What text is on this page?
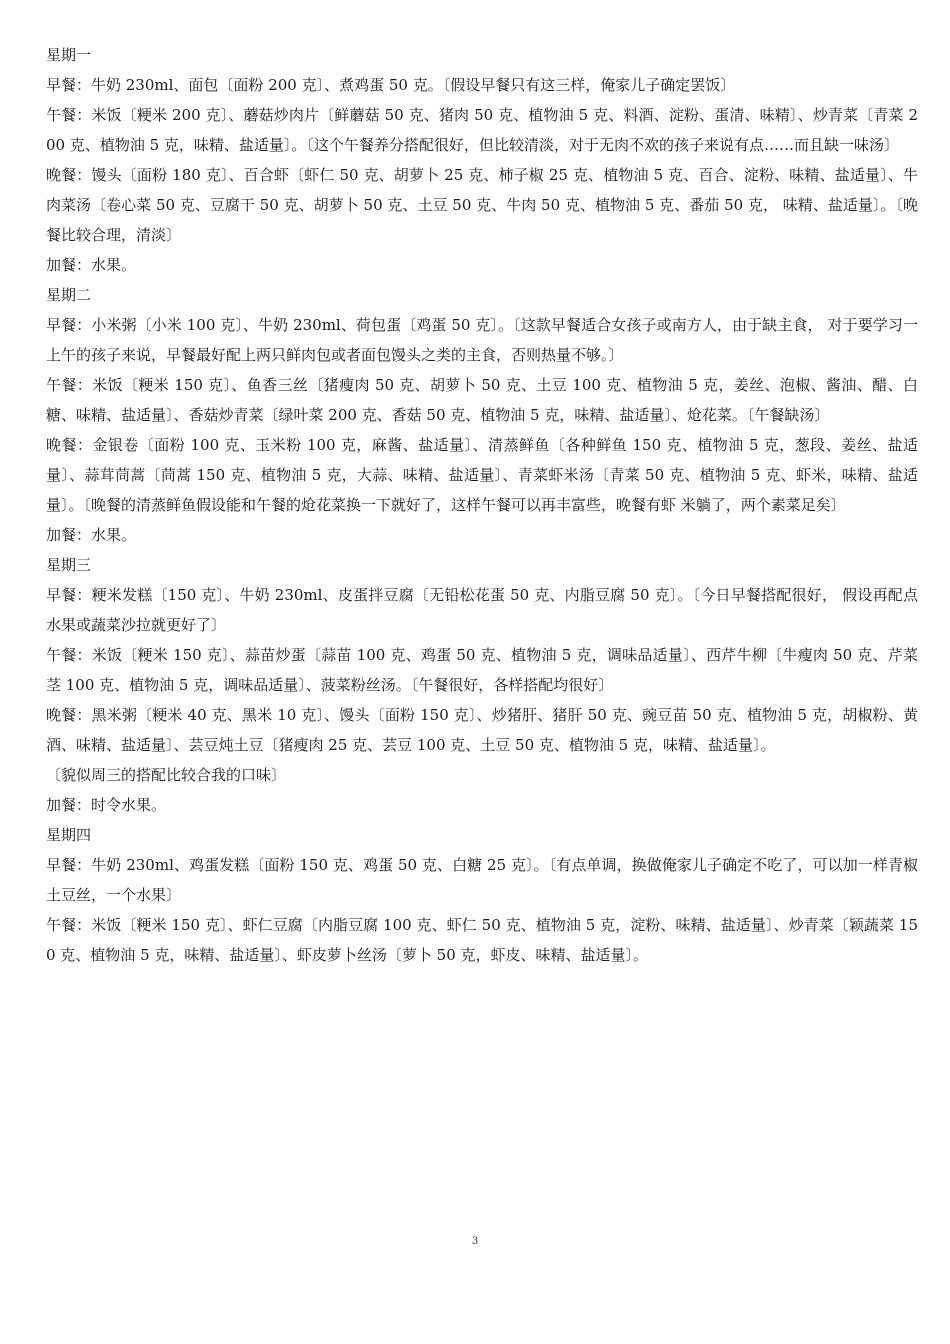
星期一

早餐：牛奶 230ml、面包〔面粉 200 克〕、煮鸡蛋 50 克。〔假设早餐只有这三样，俺家儿子确定罢饭〕

午餐：米饭〔粳米 200 克〕、蘑菇炒肉片〔鲜蘑菇 50 克、猪肉 50 克、植物油 5 克、料酒、淀粉、蛋清、味精〕、炒青菜〔青菜 200 克、植物油 5 克，味精、盐适量〕。〔这个午餐养分搭配很好，但比较清淡，对于无肉不欢的孩子来说有点……而且缺一味汤〕

晚餐：馒头〔面粉 180 克〕、百合虾〔虾仁 50 克、胡萝卜 25 克、柿子椒 25 克、植物油 5 克、百合、淀粉、味精、盐适量〕、牛肉菜汤〔卷心菜 50 克、豆腐干 50 克、胡萝卜 50 克、土豆 50 克、牛肉 50 克、植物油 5 克、番茄 50 克， 味精、盐适量〕。〔晚餐比较合理，清淡〕

加餐：水果。

星期二

早餐：小米粥〔小米 100 克〕、牛奶 230ml、荷包蛋〔鸡蛋 50 克〕。〔这款早餐适合女孩子或南方人，由于缺主食， 对于要学习一上午的孩子来说，早餐最好配上两只鲜肉包或者面包馒头之类的主食，否则热量不够。〕

午餐：米饭〔粳米 150 克〕、鱼香三丝〔猪瘦肉 50 克、胡萝卜 50 克、土豆 100 克、植物油 5 克，姜丝、泡椒、酱油、醋、白糖、味精、盐适量〕、香菇炒青菜〔绿叶菜 200 克、香菇 50 克、植物油 5 克，味精、盐适量〕、炝花菜。〔午餐缺汤〕

晚餐：金银卷〔面粉 100 克、玉米粉 100 克，麻酱、盐适量〕、清蒸鲜鱼〔各种鲜鱼 150 克、植物油 5 克，葱段、姜丝、盐适量〕、蒜茸茼蒿〔茼蒿 150 克、植物油 5 克，大蒜、味精、盐适量〕、青菜虾米汤〔青菜 50 克、植物油 5 克、虾米，味精、盐适量〕。〔晚餐的清蒸鲜鱼假设能和午餐的炝花菜换一下就好了，这样午餐可以再丰富些，晚餐有虾 米躺了，两个素菜足矣〕

加餐：水果。

星期三

早餐：粳米发糕〔150 克〕、牛奶 230ml、皮蛋拌豆腐〔无铅松花蛋 50 克、内脂豆腐 50 克〕。〔今日早餐搭配很好， 假设再配点水果或蔬菜沙拉就更好了〕

午餐：米饭〔粳米 150 克〕、蒜苗炒蛋〔蒜苗 100 克、鸡蛋 50 克、植物油 5 克，调味品适量〕、西芹牛柳〔牛瘦肉 50 克、芹菜茎 100 克、植物油 5 克，调味品适量〕、菠菜粉丝汤。〔午餐很好，各样搭配均很好〕

晚餐：黑米粥〔粳米 40 克、黑米 10 克〕、馒头〔面粉 150 克〕、炒猪肝、猪肝 50 克、豌豆苗 50 克、植物油 5 克，胡椒粉、黄酒、味精、盐适量〕、芸豆炖土豆〔猪瘦肉 25 克、芸豆 100 克、土豆 50 克、植物油 5 克，味精、盐适量〕。

〔貌似周三的搭配比较合我的口味〕

加餐：时令水果。

星期四

早餐：牛奶 230ml、鸡蛋发糕〔面粉 150 克、鸡蛋 50 克、白糖 25 克〕。〔有点单调，换做俺家儿子确定不吃了，可以加一样青椒土豆丝，一个水果〕

午餐：米饭〔粳米 150 克〕、虾仁豆腐〔内脂豆腐 100 克、虾仁 50 克、植物油 5 克，淀粉、味精、盐适量〕、炒青菜〔颖蔬菜 150 克、植物油 5 克，味精、盐适量〕、虾皮萝卜丝汤〔萝卜 50 克，虾皮、味精、盐适量〕。

3
